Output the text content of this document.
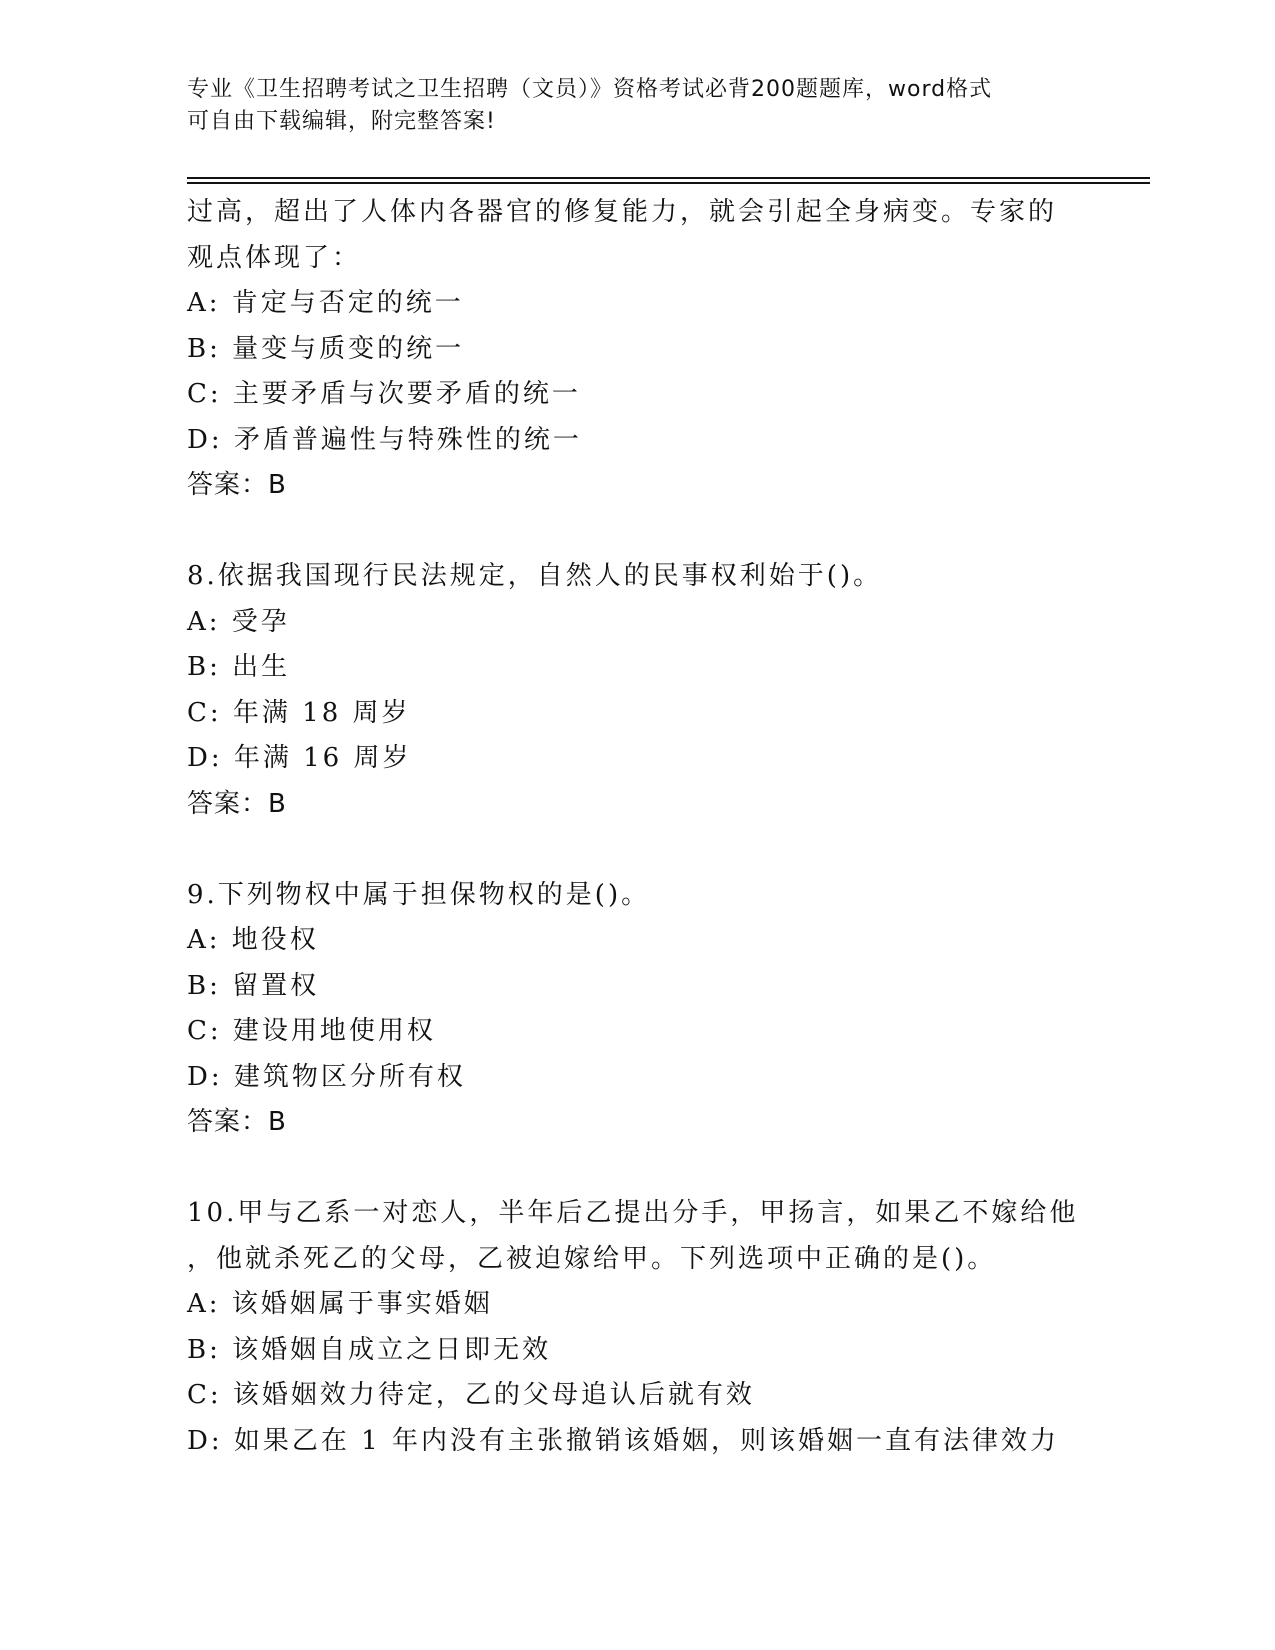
专业《卫生招聘考试之卫生招聘（文员）》资格考试必背200题题库，word格式
可自由下载编辑，附完整答案!
过高，超出了人体内各器官的修复能力，就会引起全身病变。专家的
观点体现了：
A: 肯定与否定的统一
B: 量变与质变的统一
C: 主要矛盾与次要矛盾的统一
D: 矛盾普遍性与特殊性的统一
答案：B
8.依据我国现行民法规定，自然人的民事权利始于()。
A: 受孕
B: 出生
C: 年满 18 周岁
D: 年满 16 周岁
答案：B
9.下列物权中属于担保物权的是()。
A: 地役权
B: 留置权
C: 建设用地使用权
D: 建筑物区分所有权
答案：B
10.甲与乙系一对恋人，半年后乙提出分手，甲扬言，如果乙不嫁给他
，他就杀死乙的父母，乙被迫嫁给甲。下列选项中正确的是()。
A: 该婚姻属于事实婚姻
B: 该婚姻自成立之日即无效
C: 该婚姻效力待定，乙的父母追认后就有效
D: 如果乙在 1 年内没有主张撤销该婚姻，则该婚姻一直有法律效力
